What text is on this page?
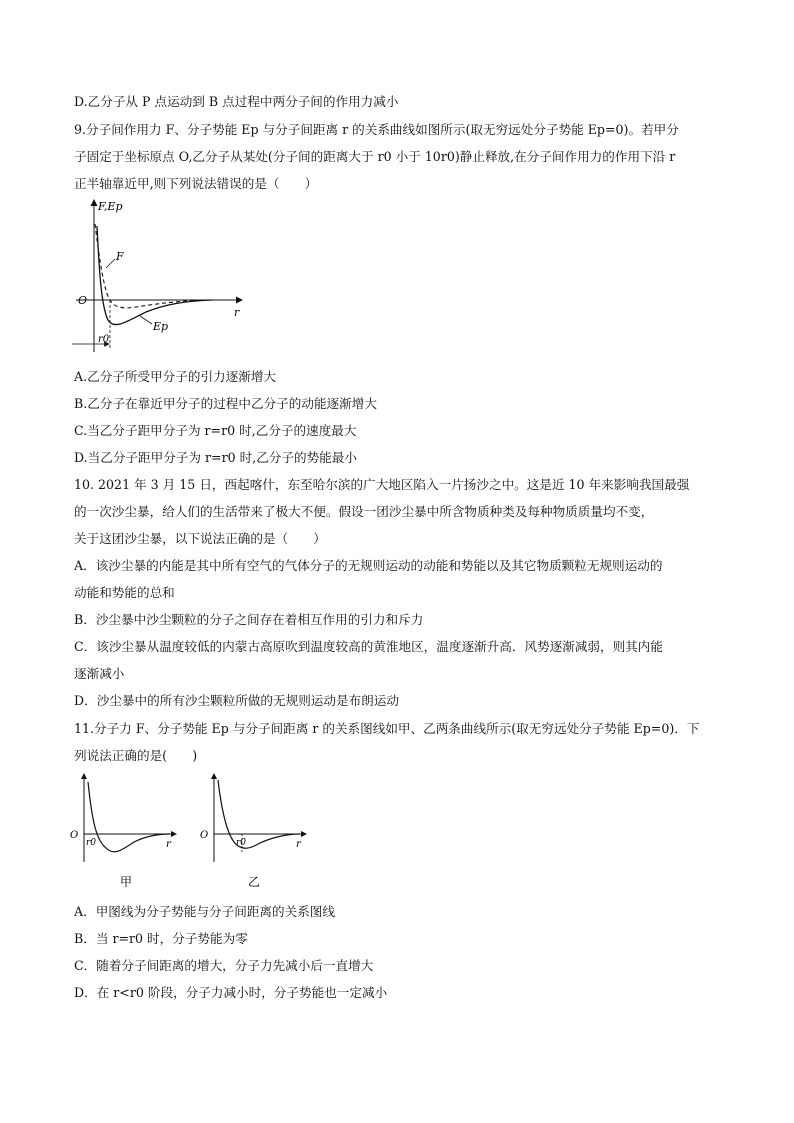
D.乙分子从 P 点运动到 B 点过程中两分子间的作用力减小
9.分子间作用力 F、分子势能 Ep 与分子间距离 r 的关系曲线如图所示(取无穷远处分子势能 Ep=0)。若甲分
子固定于坐标原点 O,乙分子从某处(分子间的距离大于 r0 小于 10r0)静止释放,在分子间作用力的作用下沿 r
正半轴靠近甲,则下列说法错误的是（　　）
F,Ep
O
r
F
Ep
r0
A.乙分子所受甲分子的引力逐渐增大
B.乙分子在靠近甲分子的过程中乙分子的动能逐渐增大
C.当乙分子距甲分子为 r=r0 时,乙分子的速度最大
D.当乙分子距甲分子为 r=r0 时,乙分子的势能最小
10. 2021 年 3 月 15 日，西起喀什，东至哈尔滨的广大地区陷入一片扬沙之中。这是近 10 年来影响我国最强
的一次沙尘暴，给人们的生活带来了极大不便。假设一团沙尘暴中所含物质种类及每种物质质量均不变，
关于这团沙尘暴，以下说法正确的是（　　）
A．该沙尘暴的内能是其中所有空气的气体分子的无规则运动的动能和势能以及其它物质颗粒无规则运动的
动能和势能的总和
B．沙尘暴中沙尘颗粒的分子之间存在着相互作用的引力和斥力
C．该沙尘暴从温度较低的内蒙古高原吹到温度较高的黄淮地区，温度逐渐升高．风势逐渐减弱，则其内能
逐渐减小
D．沙尘暴中的所有沙尘颗粒所做的无规则运动是布朗运动
11.分子力 F、分子势能 Ep 与分子间距离 r 的关系图线如甲、乙两条曲线所示(取无穷远处分子势能 Ep=0)．下
列说法正确的是(　　)
O
r0	r
甲
O
r0	r
乙
A．甲图线为分子势能与分子间距离的关系图线
B．当 r=r0 时，分子势能为零
C．随着分子间距离的增大，分子力先减小后一直增大
D．在 r<r0 阶段，分子力减小时，分子势能也一定减小
